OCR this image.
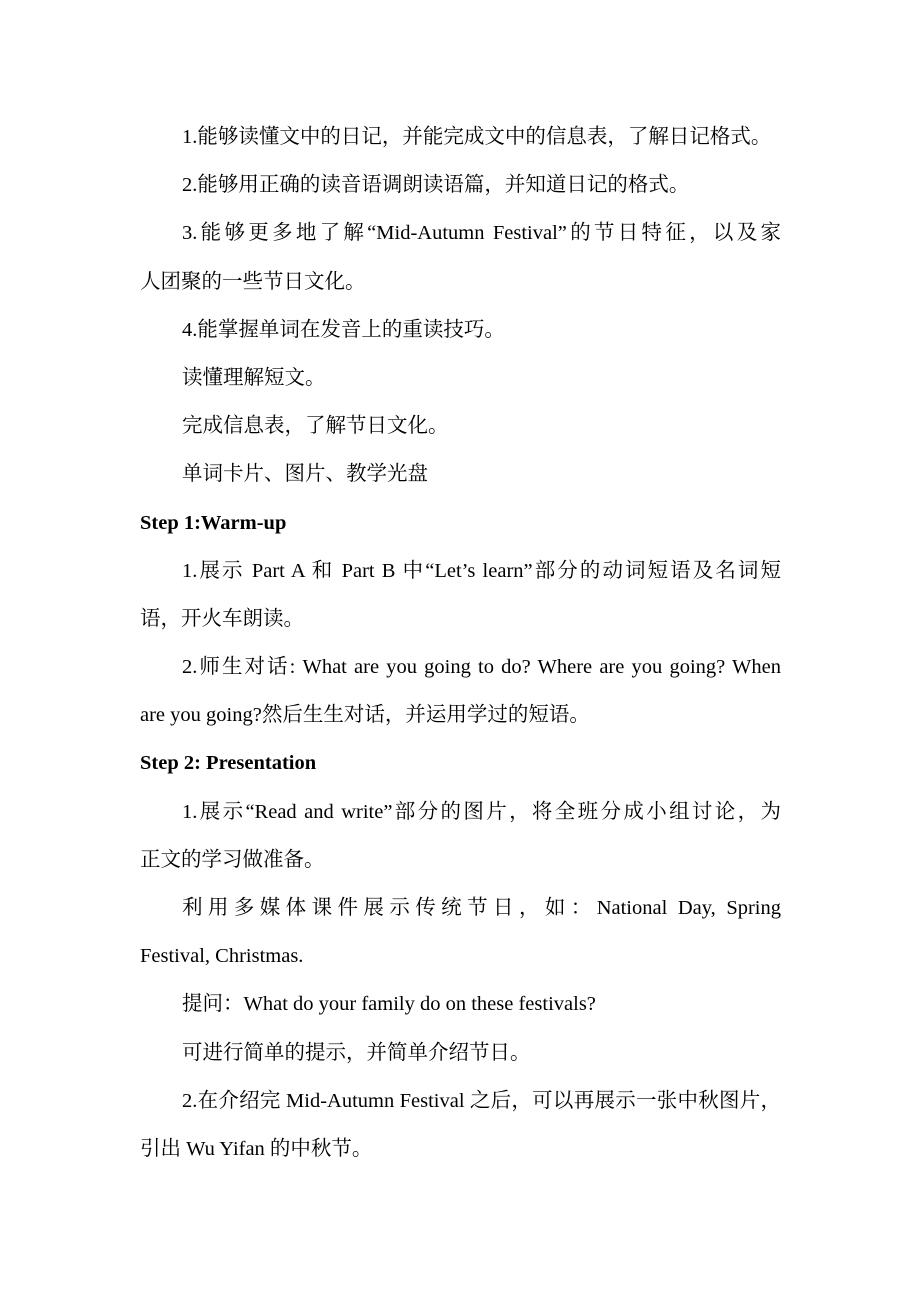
1.能够读懂文中的日记，并能完成文中的信息表，了解日记格式。
2.能够用正确的读音语调朗读语篇，并知道日记的格式。
3.能够更多地了解“Mid-Autumn Festival”的节日特征，以及家
人团聚的一些节日文化。
4.能掌握单词在发音上的重读技巧。
读懂理解短文。
完成信息表，了解节日文化。
单词卡片、图片、教学光盘
Step 1:Warm-up
1.展示 Part A 和 Part B 中“Let’s learn”部分的动词短语及名词短
语，开火车朗读。
2.师生对话: What are you going to do? Where are you going? When
are you going?然后生生对话，并运用学过的短语。
Step 2: Presentation
1.展示“Read and write”部分的图片，将全班分成小组讨论，为
正文的学习做准备。
利用多媒体课件展示传统节日，如：National Day, Spring
Festival, Christmas.
提问：What do your family do on these festivals?
可进行简单的提示，并简单介绍节日。
2.在介绍完 Mid-Autumn Festival 之后，可以再展示一张中秋图片，
引出 Wu Yifan 的中秋节。
